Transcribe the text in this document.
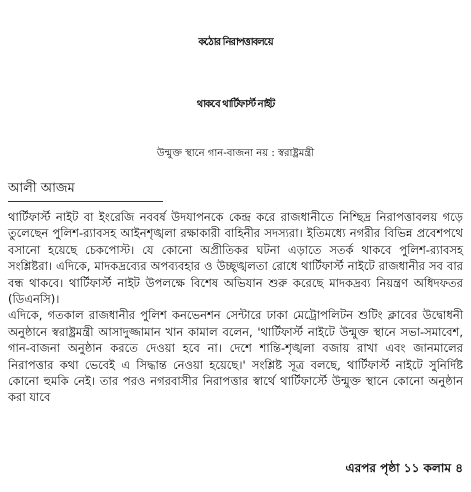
কঠোর নিরাপত্তাবলয়ে
থাকবে থার্টিফার্স্ট নাইট
উন্মুক্ত স্থানে গান-বাজনা নয় : স্বরাষ্ট্রমন্ত্রী
আলী আজম

থার্টিফার্স্ট নাইট বা ইংরেজি নববর্ষ উদযাপনকে কেন্দ্র করে রাজধানীতে নিশ্ছিদ্র নিরাপত্তাবলয় গড়ে তুলেছেন পুলিশ-র‍্যাবসহ আইনশৃঙ্খলা রক্ষাকারী বাহিনীর সদস্যরা। ইতিমধ্যে নগরীর বিভিন্ন প্রবেশপথে বসানো হয়েছে চেকপোস্ট। যে কোনো অপ্রীতিকর ঘটনা এড়াতে সতর্ক থাকবে পুলিশ-র‍্যাবসহ সংশ্লিষ্টরা। এদিকে, মাদকদ্রব্যের অপব্যবহার ও উচ্ছৃঙ্খলতা রোধে থার্টিফার্স্ট নাইটে রাজধানীর সব বার বন্ধ থাকবে। থার্টিফার্স্ট নাইট উপলক্ষে বিশেষ অভিযান শুরু করেছে মাদকদ্রব্য নিয়ন্ত্রণ অধিদফতর (ডিএনসি)।

এদিকে, গতকাল রাজধানীর পুলিশ কনভেনশন সেন্টারে ঢাকা মেট্রোপলিটন শুটিং ক্লাবের উদ্বোধনী অনুষ্ঠানে স্বরাষ্ট্রমন্ত্রী আসাদুজ্জামান খান কামাল বলেন, 'থার্টিফার্স্ট নাইটে উন্মুক্ত স্থানে সভা-সমাবেশ, গান-বাজনা অনুষ্ঠান করতে দেওয়া হবে না। দেশে শান্তি-শৃঙ্খলা বজায় রাখা এবং জানমালের নিরাপত্তার কথা ভেবেই এ সিদ্ধান্ত নেওয়া হয়েছে।' সংশ্লিষ্ট সূত্র বলছে, থার্টিফার্স্ট নাইটে সুনির্দিষ্ট কোনো হুমকি নেই। তার পরও নগরবাসীর নিরাপত্তার স্বার্থে থার্টিফার্স্টে উন্মুক্ত স্থানে কোনো অনুষ্ঠান করা যাবে

এরপর পৃষ্ঠা ১১ কলাম ৪
